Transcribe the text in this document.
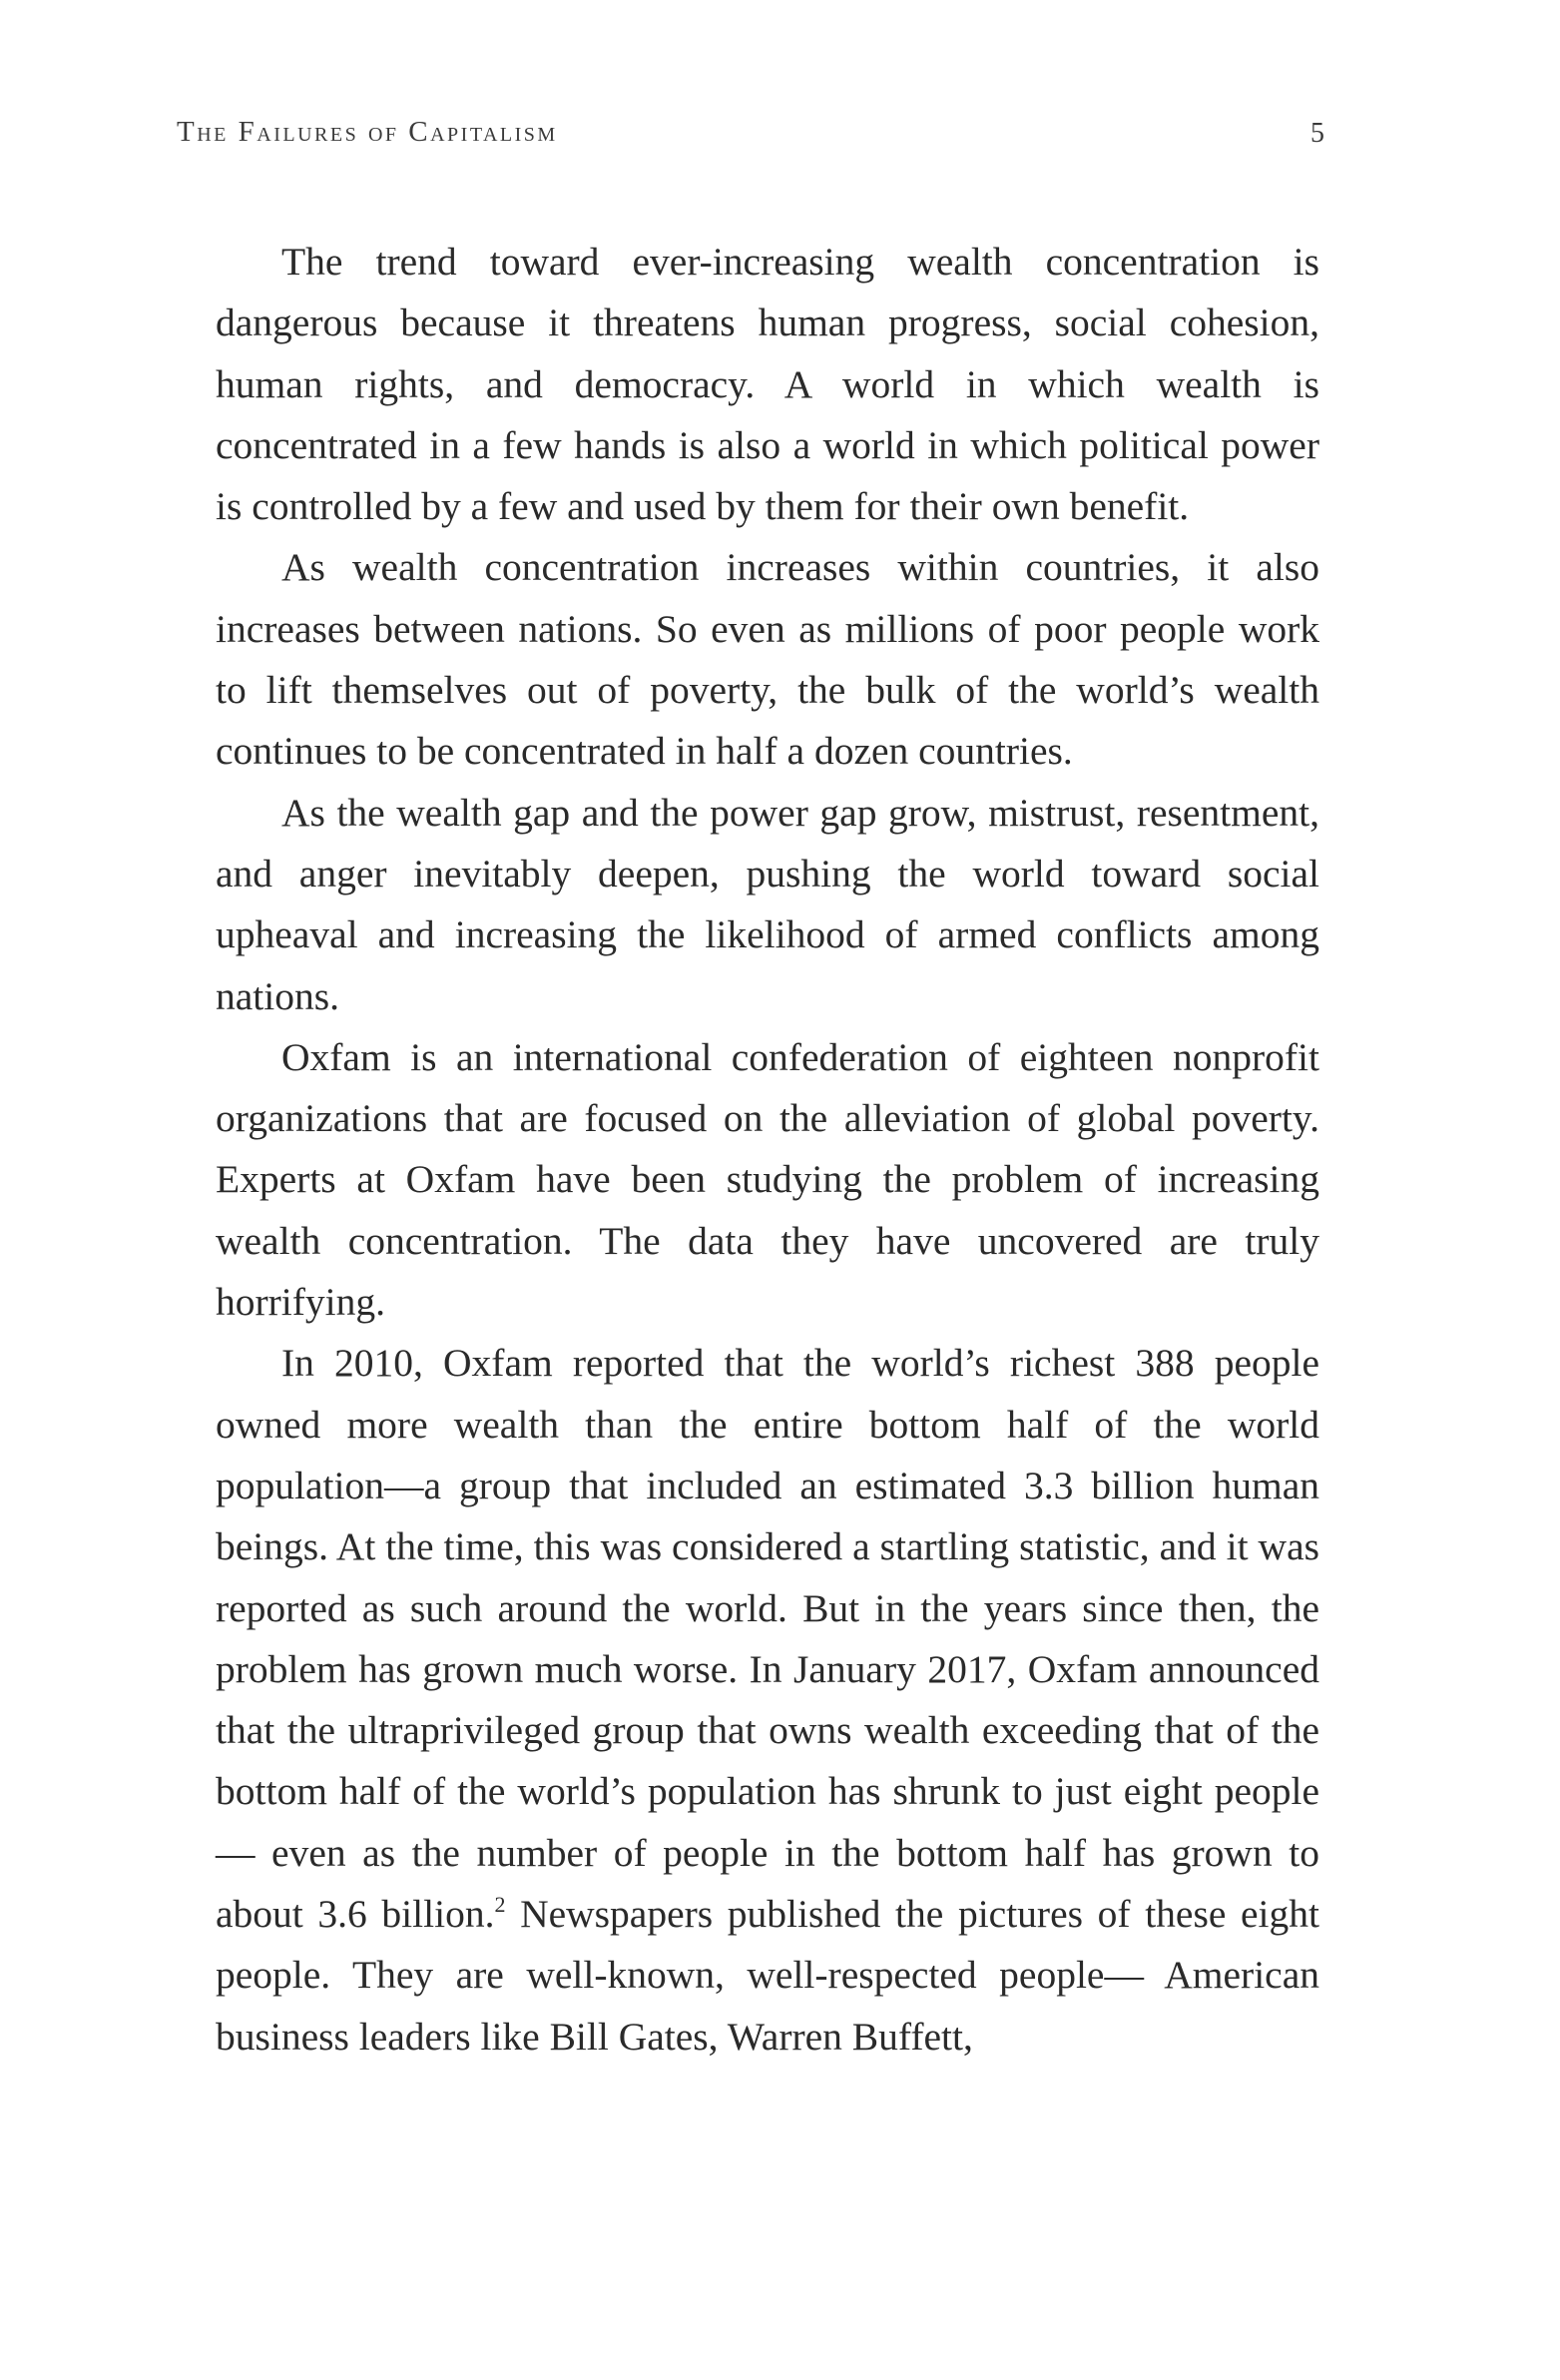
The Failures of Capitalism	5

The trend toward ever-increasing wealth concentration is dangerous because it threatens human progress, social cohesion, human rights, and democracy. A world in which wealth is concentrated in a few hands is also a world in which political power is controlled by a few and used by them for their own benefit.

As wealth concentration increases within countries, it also increases between nations. So even as millions of poor people work to lift themselves out of poverty, the bulk of the world’s wealth continues to be concentrated in half a dozen countries.

As the wealth gap and the power gap grow, mistrust, resentment, and anger inevitably deepen, pushing the world toward social upheaval and increasing the likelihood of armed conflicts among nations.

Oxfam is an international confederation of eighteen nonprofit organizations that are focused on the alleviation of global poverty. Experts at Oxfam have been studying the problem of increasing wealth concentration. The data they have uncovered are truly horrifying.

In 2010, Oxfam reported that the world’s richest 388 people owned more wealth than the entire bottom half of the world population—a group that included an estimated 3.3 billion human beings. At the time, this was considered a startling statistic, and it was reported as such around the world. But in the years since then, the problem has grown much worse. In January 2017, Oxfam announced that the ultraprivileged group that owns wealth exceeding that of the bottom half of the world’s population has shrunk to just eight people— even as the number of people in the bottom half has grown to about 3.6 billion.$^2$ Newspapers published the pictures of these eight people. They are well-known, well-respected people— American business leaders like Bill Gates, Warren Buffett,
